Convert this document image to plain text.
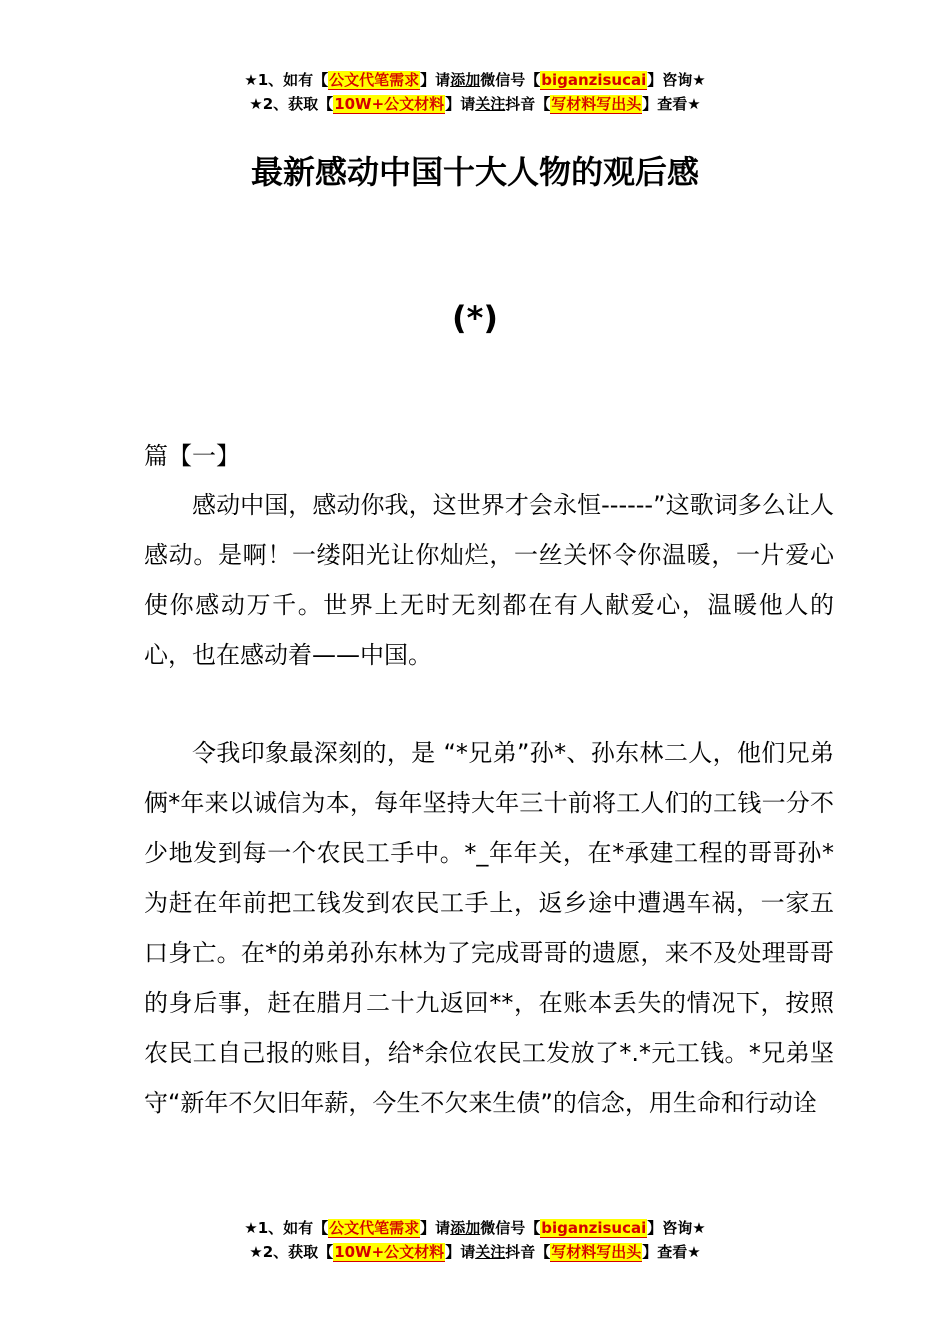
★1、如有【公文代笔需求】请添加微信号【biganzisucai】咨询★
★2、获取【10W+公文材料】请关注抖音【写材料写出头】查看★
最新感动中国十大人物的观后感
(*)
篇【一】

感动中国，感动你我，这世界才会永恒------”这歌词多么让人感动。是啊！一缕阳光让你灿烂，一丝关怀令你温暖，一片爱心使你感动万千。世界上无时无刻都在有人献爱心，温暖他人的心，也在感动着——中国。

令我印象最深刻的，是 “*兄弟”孙*、孙东林二人，他们兄弟俩*年来以诚信为本，每年坚持大年三十前将工人们的工钱一分不少地发到每一个农民工手中。*_年年关，在*承建工程的哥哥孙*为赶在年前把工钱发到农民工手上，返乡途中遭遇车祸，一家五口身亡。在*的弟弟孙东林为了完成哥哥的遗愿，来不及处理哥哥的身后事，赶在腊月二十九返回**，在账本丢失的情况下，按照农民工自己报的账目，给*余位农民工发放了*.*元工钱。*兄弟坚守“新年不欠旧年薪，今生不欠来生债”的信念，用生命和行动诠

★1、如有【公文代笔需求】请添加微信号【biganzisucai】咨询★
★2、获取【10W+公文材料】请关注抖音【写材料写出头】查看★
